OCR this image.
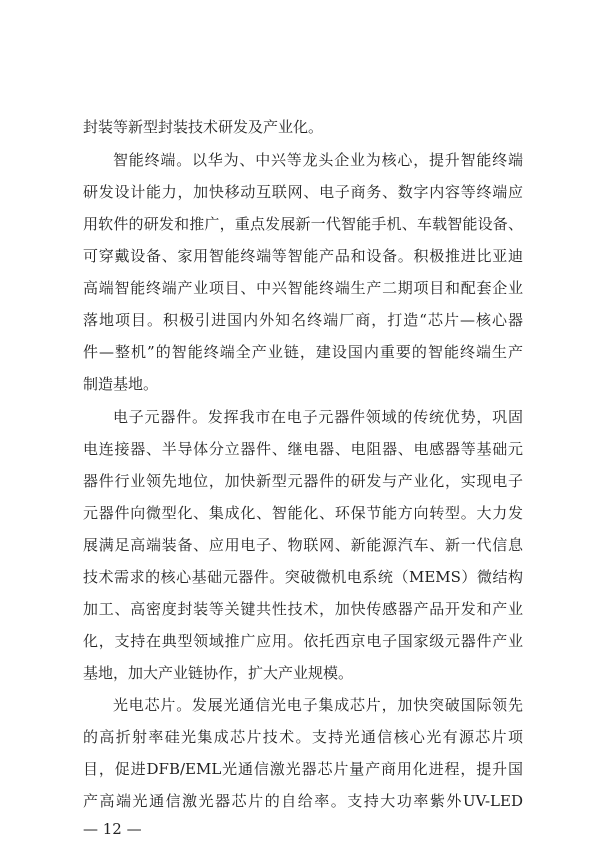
封装等新型封装技术研发及产业化。
智能终端。以华为、中兴等龙头企业为核心，提升智能终端
研发设计能力，加快移动互联网、电子商务、数字内容等终端应
用软件的研发和推广，重点发展新一代智能手机、车载智能设备、
可穿戴设备、家用智能终端等智能产品和设备。积极推进比亚迪
高端智能终端产业项目、中兴智能终端生产二期项目和配套企业
落地项目。积极引进国内外知名终端厂商，打造“芯片—核心器
件—整机”的智能终端全产业链，建设国内重要的智能终端生产
制造基地。
电子元器件。发挥我市在电子元器件领域的传统优势，巩固
电连接器、半导体分立器件、继电器、电阻器、电感器等基础元
器件行业领先地位，加快新型元器件的研发与产业化，实现电子
元器件向微型化、集成化、智能化、环保节能方向转型。大力发
展满足高端装备、应用电子、物联网、新能源汽车、新一代信息
技术需求的核心基础元器件。突破微机电系统（MEMS）微结构
加工、高密度封装等关键共性技术，加快传感器产品开发和产业
化，支持在典型领域推广应用。依托西京电子国家级元器件产业
基地，加大产业链协作，扩大产业规模。
光电芯片。发展光通信光电子集成芯片，加快突破国际领先
的高折射率硅光集成芯片技术。支持光通信核心光有源芯片项
目，促进DFB/EML光通信激光器芯片量产商用化进程，提升国
产高端光通信激光器芯片的自给率。支持大功率紫外UV-LED
— 12 —
